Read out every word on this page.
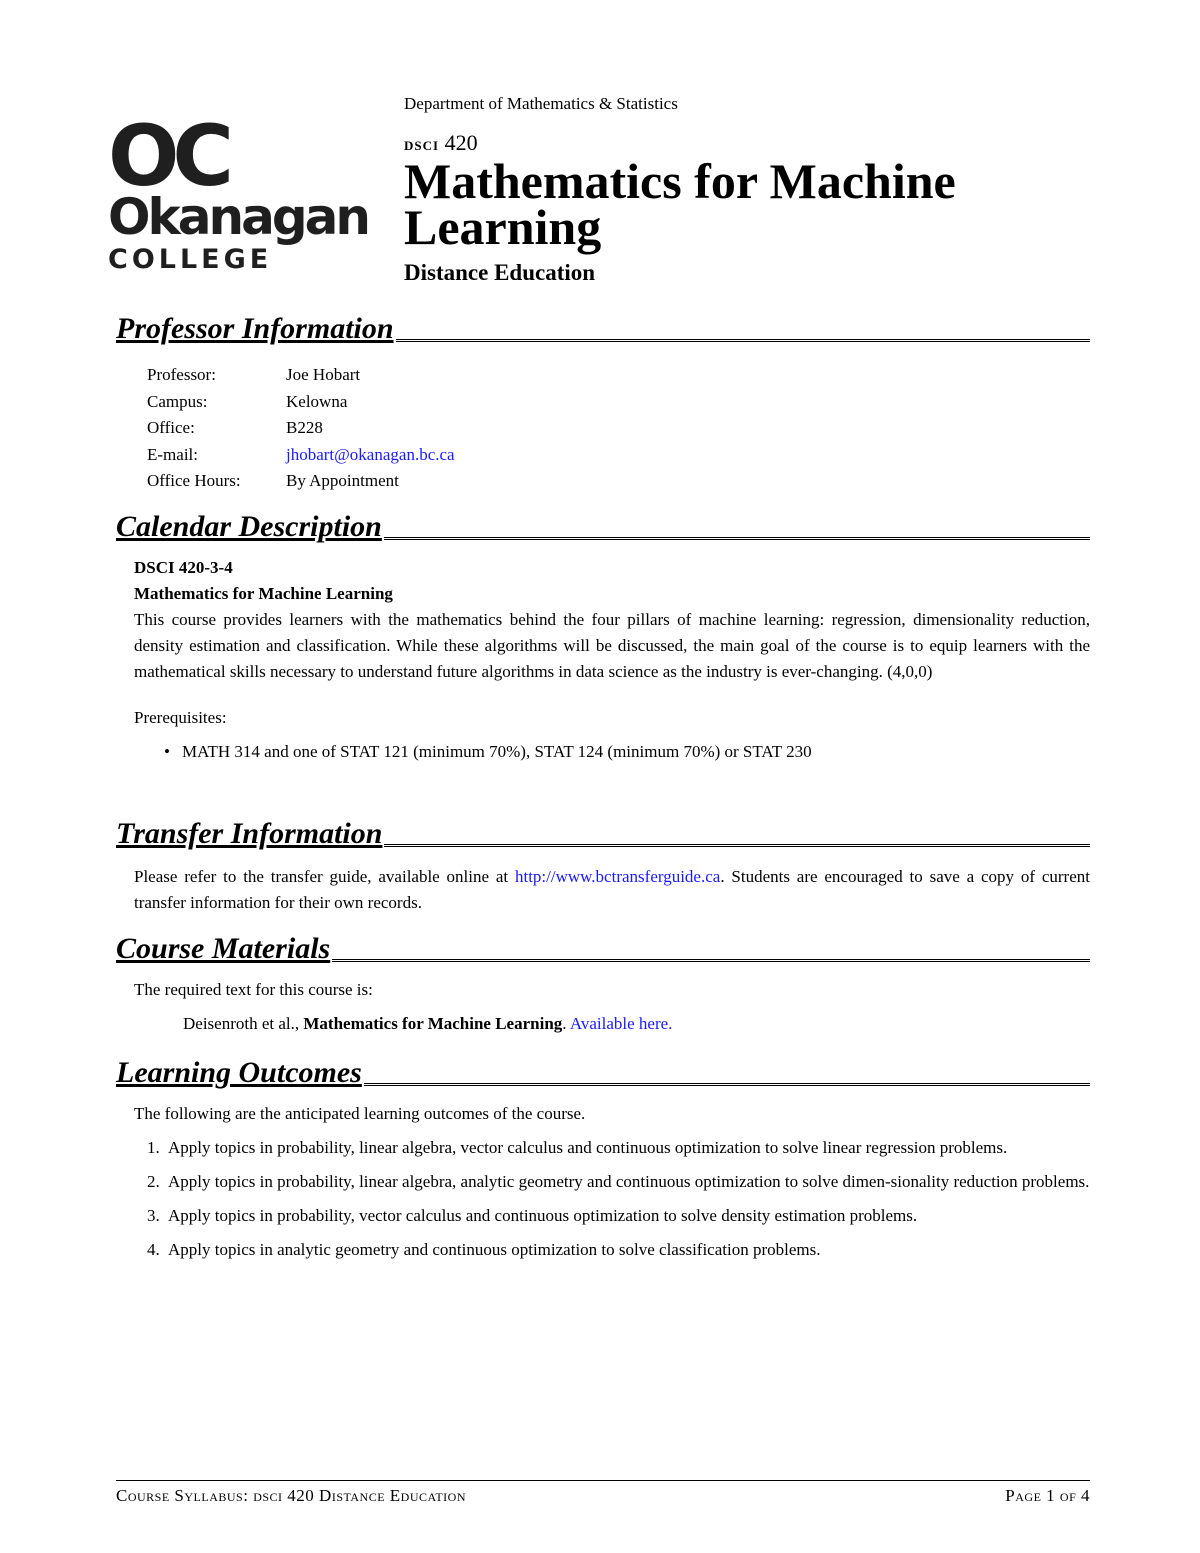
OC
Okanagan
COLLEGE
Department of Mathematics & Statistics
dsci 420
Mathematics for Machine Learning
Distance Education
Professor Information
Professor:	Joe Hobart
Campus:	Kelowna
Office:	B228
E-mail:	jhobart@okanagan.bc.ca
Office Hours:	By Appointment
Calendar Description
DSCI 420-3-4
Mathematics for Machine Learning
This course provides learners with the mathematics behind the four pillars of machine learning: regression, dimensionality reduction, density estimation and classification. While these algorithms will be discussed, the main goal of the course is to equip learners with the mathematical skills necessary to understand future algorithms in data science as the industry is ever-changing. (4,0,0)
Prerequisites:
• MATH 314 and one of STAT 121 (minimum 70%), STAT 124 (minimum 70%) or STAT 230
Transfer Information
Please refer to the transfer guide, available online at http://www.bctransferguide.ca. Students are encouraged to save a copy of current transfer information for their own records.
Course Materials
The required text for this course is:
Deisenroth et al., Mathematics for Machine Learning. Available here.
Learning Outcomes
The following are the anticipated learning outcomes of the course.
1. Apply topics in probability, linear algebra, vector calculus and continuous optimization to solve linear regression problems.
2. Apply topics in probability, linear algebra, analytic geometry and continuous optimization to solve dimen-sionality reduction problems.
3. Apply topics in probability, vector calculus and continuous optimization to solve density estimation problems.
4. Apply topics in analytic geometry and continuous optimization to solve classification problems.
Course Syllabus: dsci 420 Distance Education	Page 1 of 4
